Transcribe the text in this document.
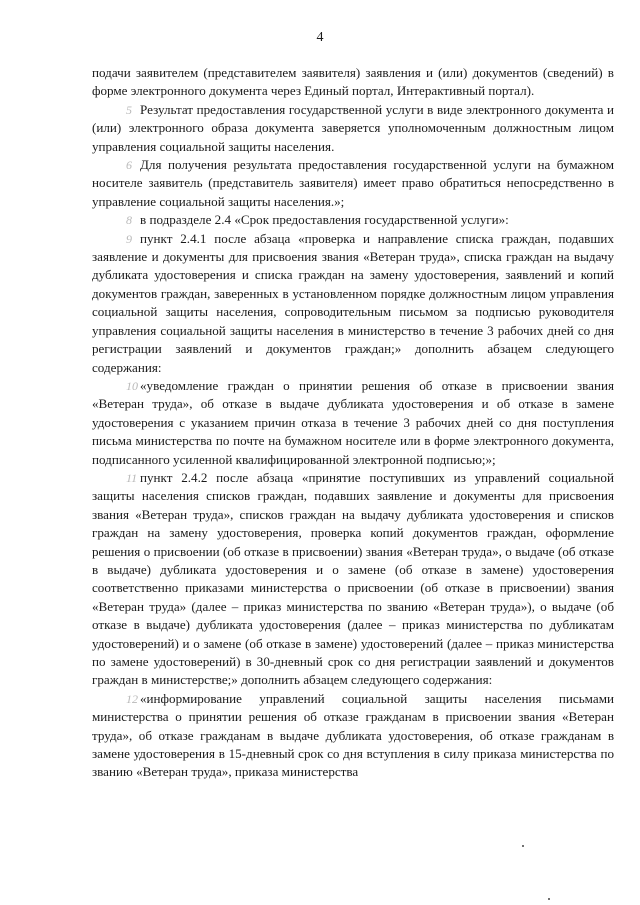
4

подачи заявителем (представителем заявителя) заявления и (или) документов (сведений) в форме электронного документа через Единый портал, Интерактивный портал).

5 Результат предоставления государственной услуги в виде электронного документа и (или) электронного образа документа заверяется уполномоченным должностным лицом управления социальной защиты населения.

6 Для получения результата предоставления государственной услуги на бумажном носителе заявитель (представитель заявителя) имеет право обратиться непосредственно в управление социальной защиты населения.»;

8 в подразделе 2.4 «Срок предоставления государственной услуги»:

9 пункт 2.4.1 после абзаца «проверка и направление списка граждан, подавших заявление и документы для присвоения звания «Ветеран труда», списка граждан на выдачу дубликата удостоверения и списка граждан на замену удостоверения, заявлений и копий документов граждан, заверенных в установленном порядке должностным лицом управления социальной защиты населения, сопроводительным письмом за подписью руководителя управления социальной защиты населения в министерство в течение 3 рабочих дней со дня регистрации заявлений и документов граждан;» дополнить абзацем следующего содержания:

10 «уведомление граждан о принятии решения об отказе в присвоении звания «Ветеран труда», об отказе в выдаче дубликата удостоверения и об отказе в замене удостоверения с указанием причин отказа в течение 3 рабочих дней со дня поступления письма министерства по почте на бумажном носителе или в форме электронного документа, подписанного усиленной квалифицированной электронной подписью;»;

11 пункт 2.4.2 после абзаца «принятие поступивших из управлений социальной защиты населения списков граждан, подавших заявление и документы для присвоения звания «Ветеран труда», списков граждан на выдачу дубликата удостоверения и списков граждан на замену удостоверения, проверка копий документов граждан, оформление решения о присвоении (об отказе в присвоении) звания «Ветеран труда», о выдаче (об отказе в выдаче) дубликата удостоверения и о замене (об отказе в замене) удостоверения соответственно приказами министерства о присвоении (об отказе в присвоении) звания «Ветеран труда» (далее – приказ министерства по званию «Ветеран труда»), о выдаче (об отказе в выдаче) дубликата удостоверения (далее – приказ министерства по дубликатам удостоверений) и о замене (об отказе в замене) удостоверений (далее – приказ министерства по замене удостоверений) в 30-дневный срок со дня регистрации заявлений и документов граждан в министерстве;» дополнить абзацем следующего содержания:

12 «информирование управлений социальной защиты населения письмами министерства о принятии решения об отказе гражданам в присвоении звания «Ветеран труда», об отказе гражданам в выдаче дубликата удостоверения, об отказе гражданам в замене удостоверения в 15-дневный срок со дня вступления в силу приказа министерства по званию «Ветеран труда», приказа министерства
